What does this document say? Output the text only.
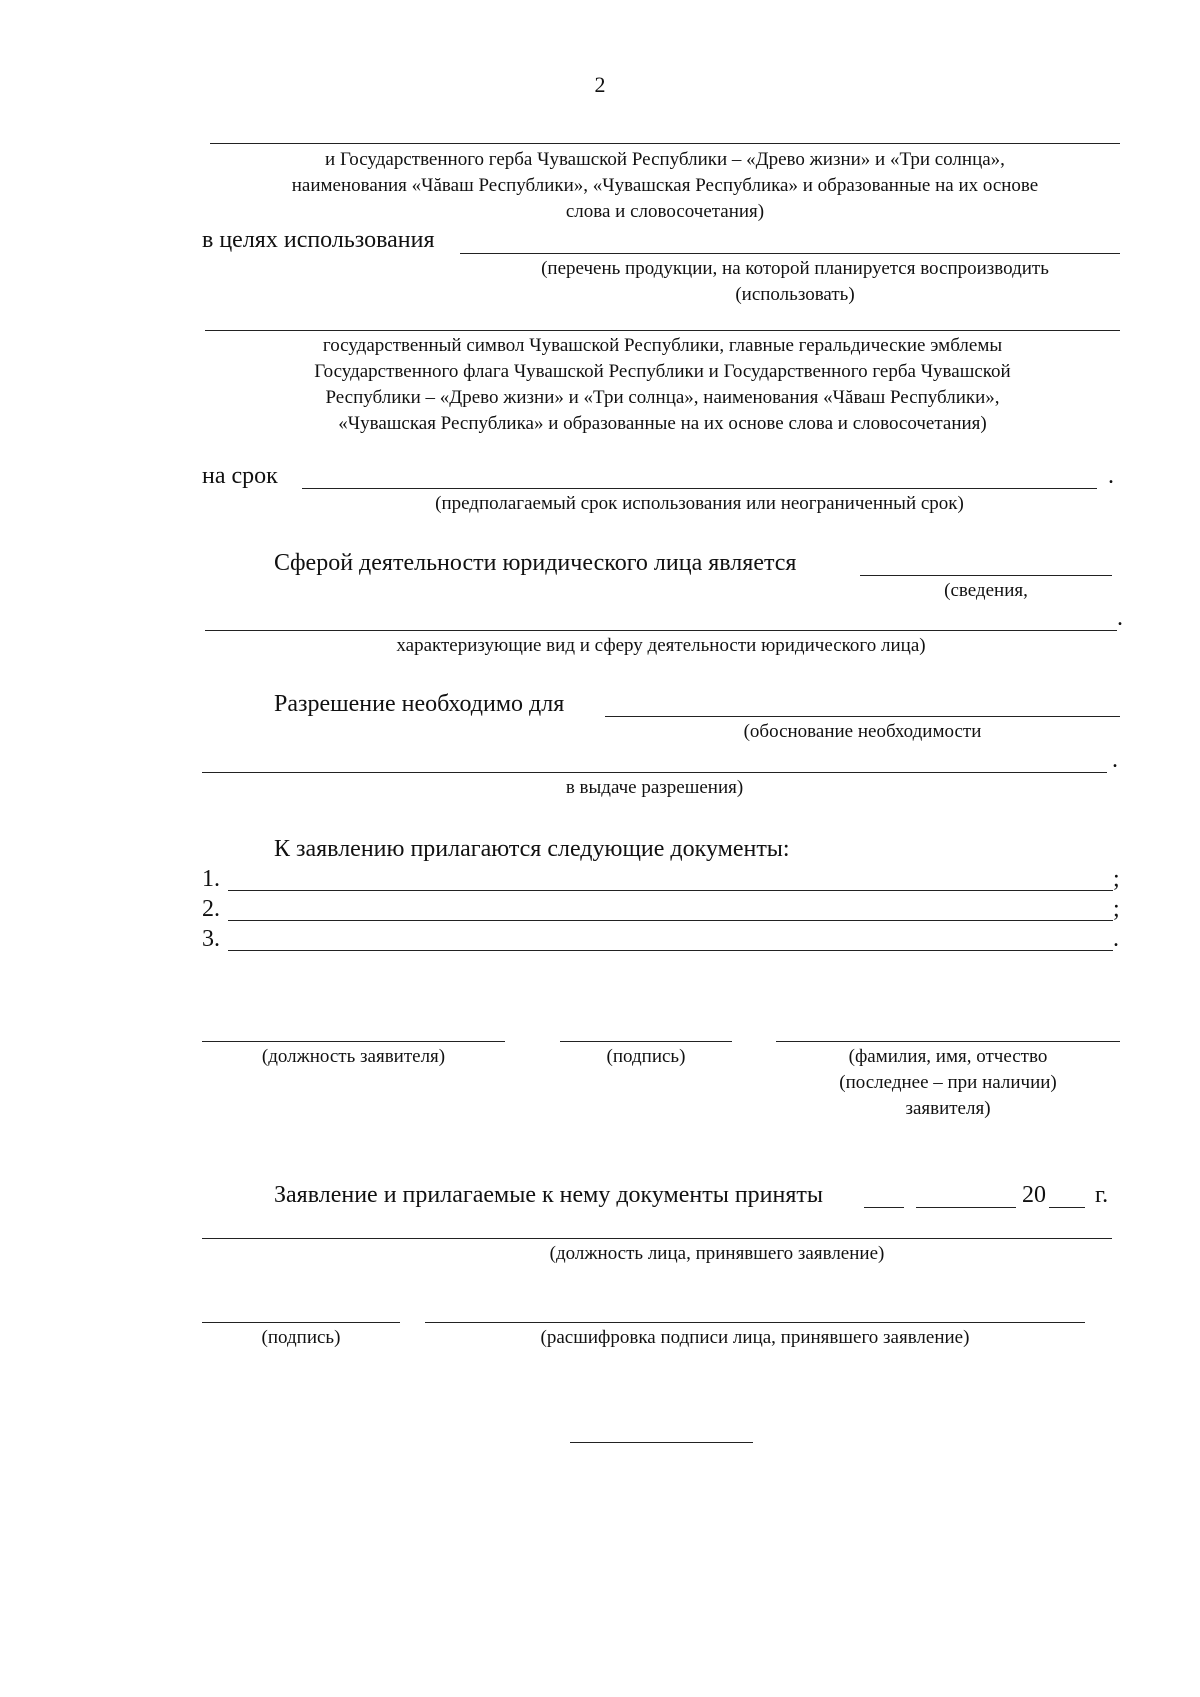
2
и Государственного герба Чувашской Республики – «Древо жизни» и «Три солнца»,
наименования «Чăваш Республики», «Чувашская Республика» и образованные на их основе
слова и словосочетания)
в целях использования
(перечень продукции, на которой планируется воспроизводить
(использовать)
государственный символ Чувашской Республики, главные геральдические эмблемы
Государственного флага Чувашской Республики и Государственного герба Чувашской
Республики – «Древо жизни» и «Три солнца», наименования «Чăваш Республики»,
«Чувашская Республика» и образованные на их основе слова и словосочетания)
на срок	.
(предполагаемый срок использования или неограниченный срок)
Сферой деятельности юридического лица является
(сведения,
.
характеризующие вид и сферу деятельности юридического лица)
Разрешение необходимо для
(обоснование необходимости
.
в выдаче разрешения)
К заявлению прилагаются следующие документы:
1.	;
2.	;
3.	.
(должность заявителя)	(подпись)	(фамилия, имя, отчество
(последнее – при наличии)
заявителя)
Заявление и прилагаемые к нему документы приняты	20 г.
(должность лица, принявшего заявление)
(подпись)	(расшифровка подписи лица, принявшего заявление)
